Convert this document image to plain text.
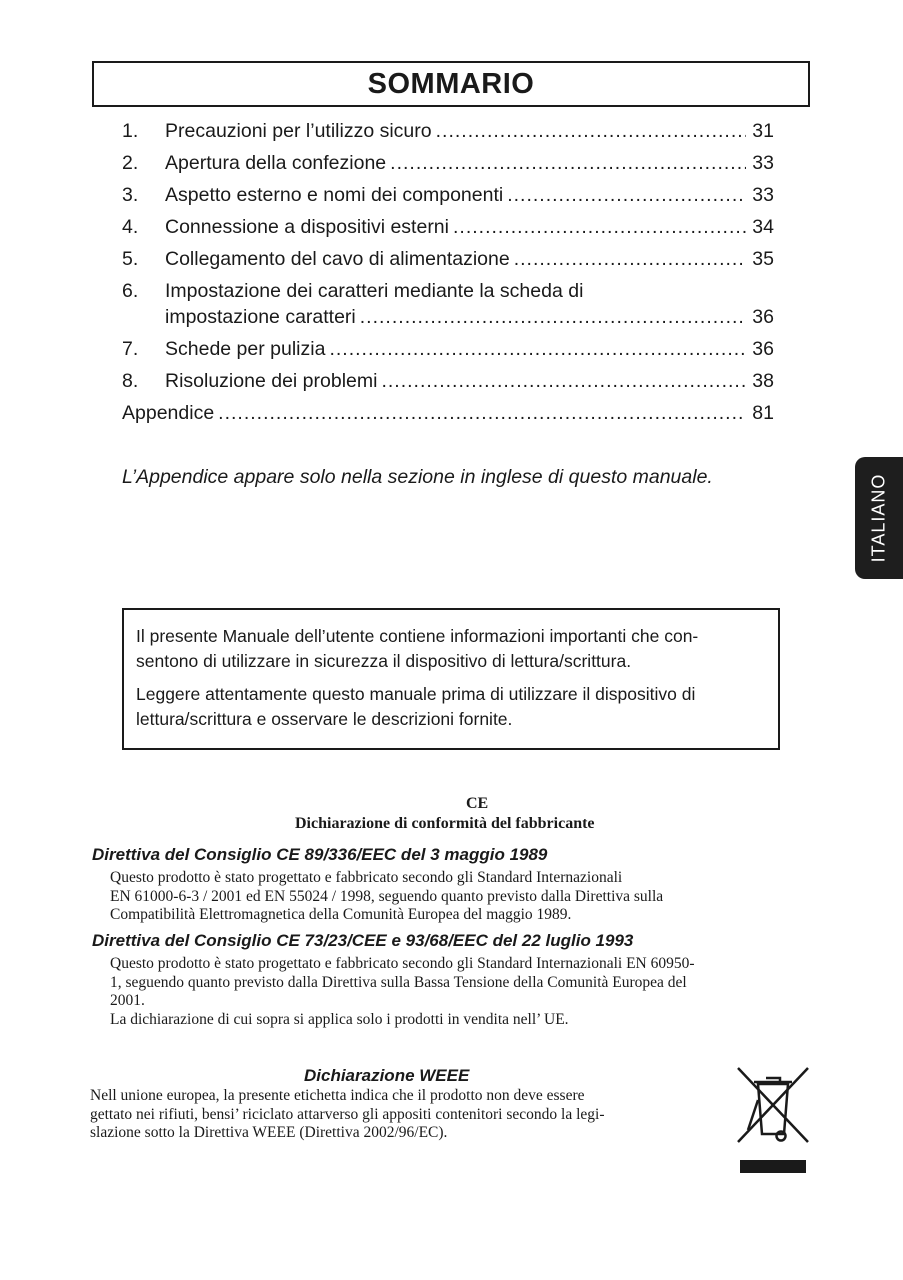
SOMMARIO
1.	Precauzioni per l’utilizzo sicuro .....	31
2.	Apertura della confezione .....	33
3.	Aspetto esterno e nomi dei componenti .....	33
4.	Connessione a dispositivi esterni .....	34
5.	Collegamento del cavo di alimentazione .....	35
6.	Impostazione dei caratteri mediante la scheda di
impostazione caratteri .....	36
7.	Schede per pulizia .....	36
8.	Risoluzione dei problemi .....	38
Appendice .....	81
L’Appendice appare solo nella sezione in inglese di questo manuale.	ITALIANO

Il presente Manuale dell’utente contiene informazioni importanti che con-
sentono di utilizzare in sicurezza il dispositivo di lettura/scrittura.

Leggere attentamente questo manuale prima di utilizzare il dispositivo di
lettura/scrittura e osservare le descrizioni fornite.

CE
Dichiarazione di conformità del fabbricante
Direttiva del Consiglio CE 89/336/EEC del 3 maggio 1989
Questo prodotto è stato progettato e fabbricato secondo gli Standard Internazionali
EN 61000-6-3 / 2001 ed EN 55024 / 1998, seguendo quanto previsto dalla Direttiva sulla
Compatibilità Elettromagnetica della Comunità Europea del maggio 1989.
Direttiva del Consiglio CE 73/23/CEE e 93/68/EEC del 22 luglio 1993
Questo prodotto è stato progettato e fabbricato secondo gli Standard Internazionali EN 60950-
1, seguendo quanto previsto dalla Direttiva sulla Bassa Tensione della Comunità Europea del
2001.
La dichiarazione di cui sopra si applica solo i prodotti in vendita nell’ UE.
Dichiarazione WEEE
Nell unione europea, la presente etichetta indica che il prodotto non deve essere
gettato nei rifiuti, bensi’ riciclato attarverso gli appositi contenitori secondo la legi-
slazione sotto la Direttiva WEEE (Direttiva 2002/96/EC).
